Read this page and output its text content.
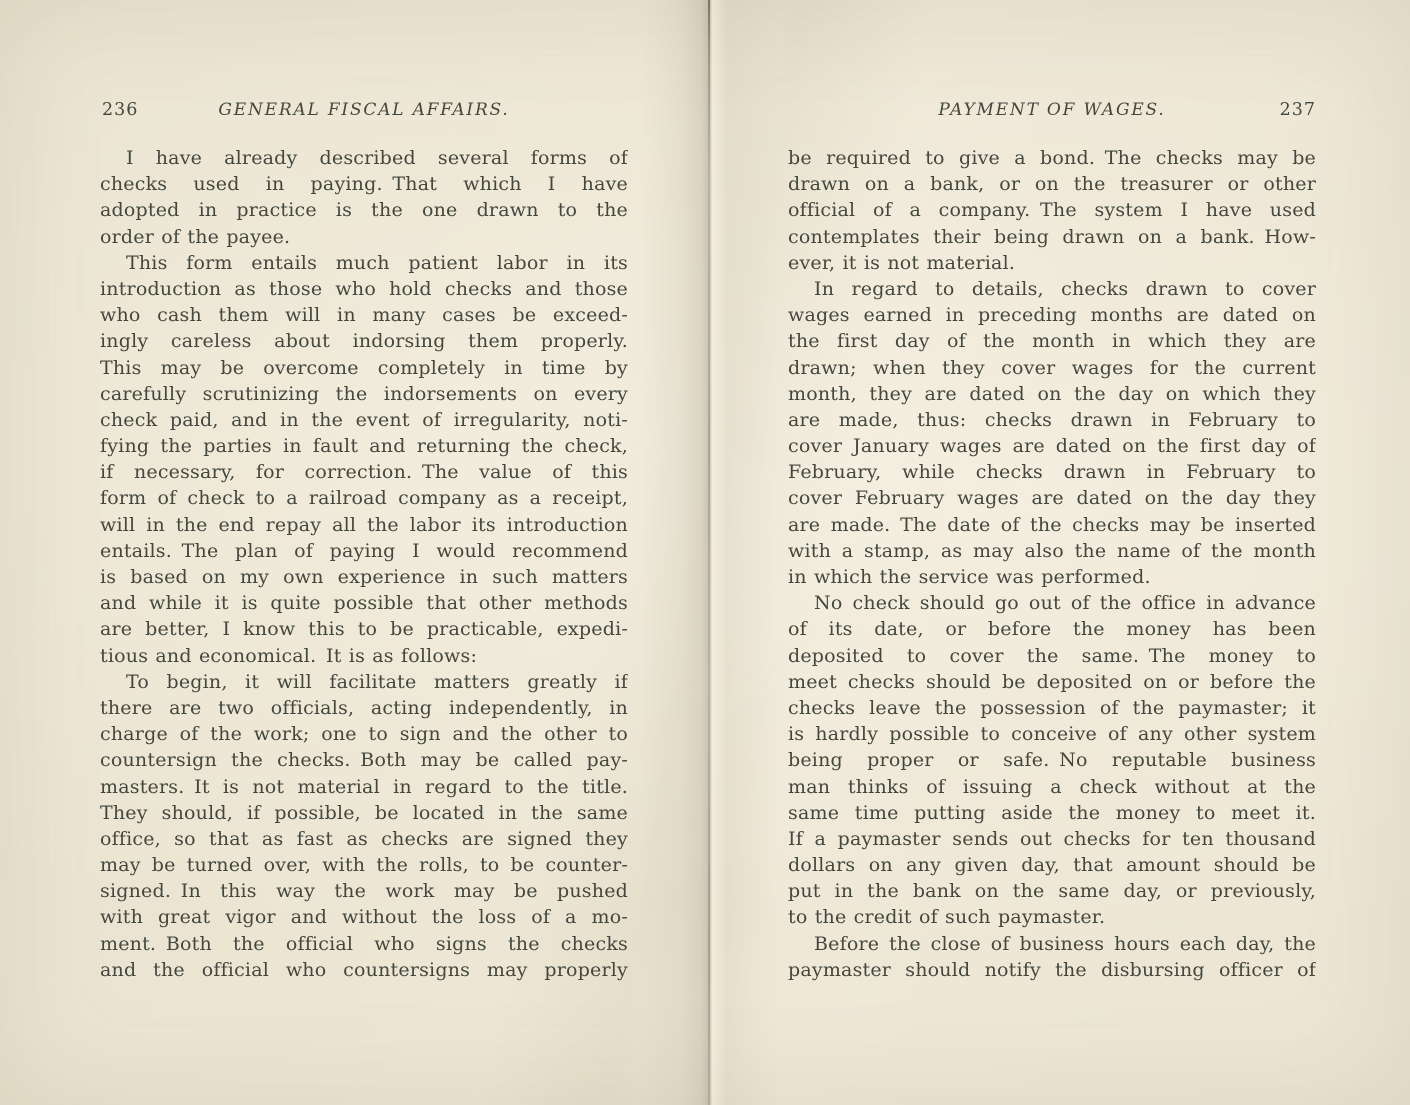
236	GENERAL FISCAL AFFAIRS.
I have already described several forms of
checks used in paying. That which I have
adopted in practice is the one drawn to the
order of the payee.
This form entails much patient labor in its
introduction as those who hold checks and those
who cash them will in many cases be exceed-
ingly careless about indorsing them properly.
This may be overcome completely in time by
carefully scrutinizing the indorsements on every
check paid, and in the event of irregularity, noti-
fying the parties in fault and returning the check,
if necessary, for correction. The value of this
form of check to a railroad company as a receipt,
will in the end repay all the labor its introduction
entails. The plan of paying I would recommend
is based on my own experience in such matters
and while it is quite possible that other methods
are better, I know this to be practicable, expedi-
tious and economical. It is as follows:
To begin, it will facilitate matters greatly if
there are two officials, acting independently, in
charge of the work; one to sign and the other to
countersign the checks. Both may be called pay-
masters. It is not material in regard to the title.
They should, if possible, be located in the same
office, so that as fast as checks are signed they
may be turned over, with the rolls, to be counter-
signed. In this way the work may be pushed
with great vigor and without the loss of a mo-
ment. Both the official who signs the checks
and the official who countersigns may properly
PAYMENT OF WAGES.	237
be required to give a bond. The checks may be
drawn on a bank, or on the treasurer or other
official of a company. The system I have used
contemplates their being drawn on a bank. How-
ever, it is not material.
In regard to details, checks drawn to cover
wages earned in preceding months are dated on
the first day of the month in which they are
drawn; when they cover wages for the current
month, they are dated on the day on which they
are made, thus: checks drawn in February to
cover January wages are dated on the first day of
February, while checks drawn in February to
cover February wages are dated on the day they
are made. The date of the checks may be inserted
with a stamp, as may also the name of the month
in which the service was performed.
No check should go out of the office in advance
of its date, or before the money has been
deposited to cover the same. The money to
meet checks should be deposited on or before the
checks leave the possession of the paymaster; it
is hardly possible to conceive of any other system
being proper or safe. No reputable business
man thinks of issuing a check without at the
same time putting aside the money to meet it.
If a paymaster sends out checks for ten thousand
dollars on any given day, that amount should be
put in the bank on the same day, or previously,
to the credit of such paymaster.
Before the close of business hours each day, the
paymaster should notify the disbursing officer of
